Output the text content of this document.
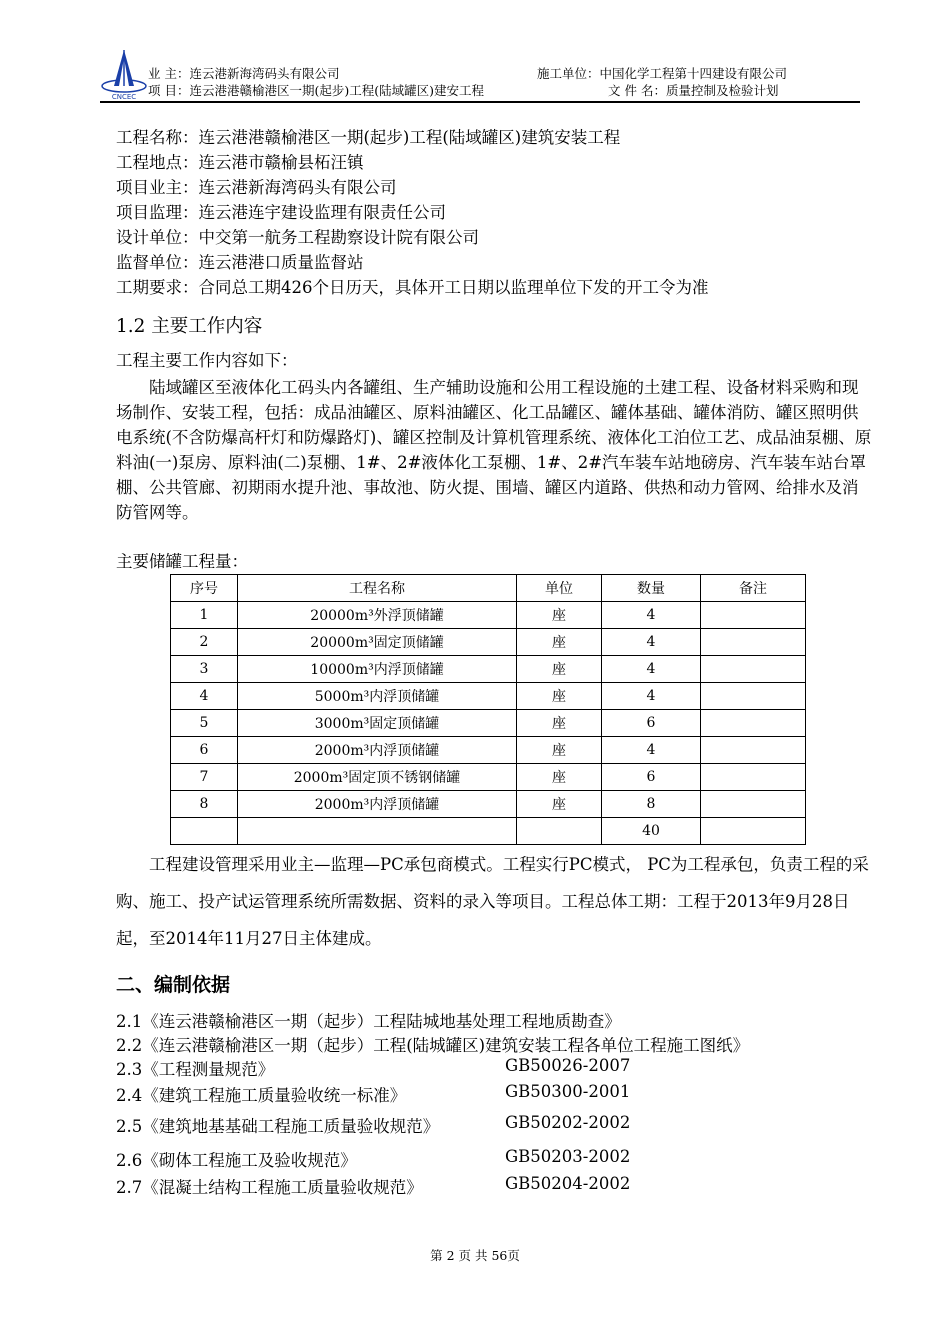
CNCEC
业 主：连云港新海湾码头有限公司	施工单位：中国化学工程第十四建设有限公司
项 目：连云港港赣榆港区一期(起步)工程(陆域罐区)建安工程	文 件 名：质量控制及检验计划
工程名称：连云港港赣榆港区一期(起步)工程(陆域罐区)建筑安装工程
工程地点：连云港市赣榆县柘汪镇
项目业主：连云港新海湾码头有限公司
项目监理：连云港连宇建设监理有限责任公司
设计单位：中交第一航务工程勘察设计院有限公司
监督单位：连云港港口质量监督站
工期要求：合同总工期426个日历天，具体开工日期以监理单位下发的开工令为准
1.2 主要工作内容
工程主要工作内容如下：
陆域罐区至液体化工码头内各罐组、生产辅助设施和公用工程设施的土建工程、设备材料采购和现场制作、安装工程，包括：成品油罐区、原料油罐区、化工品罐区、罐体基础、罐体消防、罐区照明供电系统(不含防爆高杆灯和防爆路灯)、罐区控制及计算机管理系统、液体化工泊位工艺、成品油泵棚、原料油(一)泵房、原料油(二)泵棚、1#、2#液体化工泵棚、1#、2#汽车装车站地磅房、汽车装车站台罩棚、公共管廊、初期雨水提升池、事故池、防火提、围墙、罐区内道路、供热和动力管网、给排水及消防管网等。
主要储罐工程量：
序号	工程名称	单位	数量	备注
1	20000m³外浮顶储罐	座	4	
2	20000m³固定顶储罐	座	4	
3	10000m³内浮顶储罐	座	4	
4	5000m³内浮顶储罐	座	4	
5	3000m³固定顶储罐	座	6	
6	2000m³内浮顶储罐	座	4	
7	2000m³固定顶不锈钢储罐	座	6	
8	2000m³内浮顶储罐	座	8	
			40	
工程建设管理采用业主—监理—PC承包商模式。工程实行PC模式， PC为工程承包，负责工程的采购、施工、投产试运管理系统所需数据、资料的录入等项目。工程总体工期：工程于2013年9月28日起，至2014年11月27日主体建成。
二、编制依据
2.1《连云港赣榆港区一期（起步）工程陆城地基处理工程地质勘查》
2.2《连云港赣榆港区一期（起步）工程(陆城罐区)建筑安装工程各单位工程施工图纸》
2.3《工程测量规范》	GB50026-2007
2.4《建筑工程施工质量验收统一标准》	GB50300-2001
2.5《建筑地基基础工程施工质量验收规范》	GB50202-2002
2.6《砌体工程施工及验收规范》	GB50203-2002
2.7《混凝土结构工程施工质量验收规范》	GB50204-2002
第 2 页 共 56页
